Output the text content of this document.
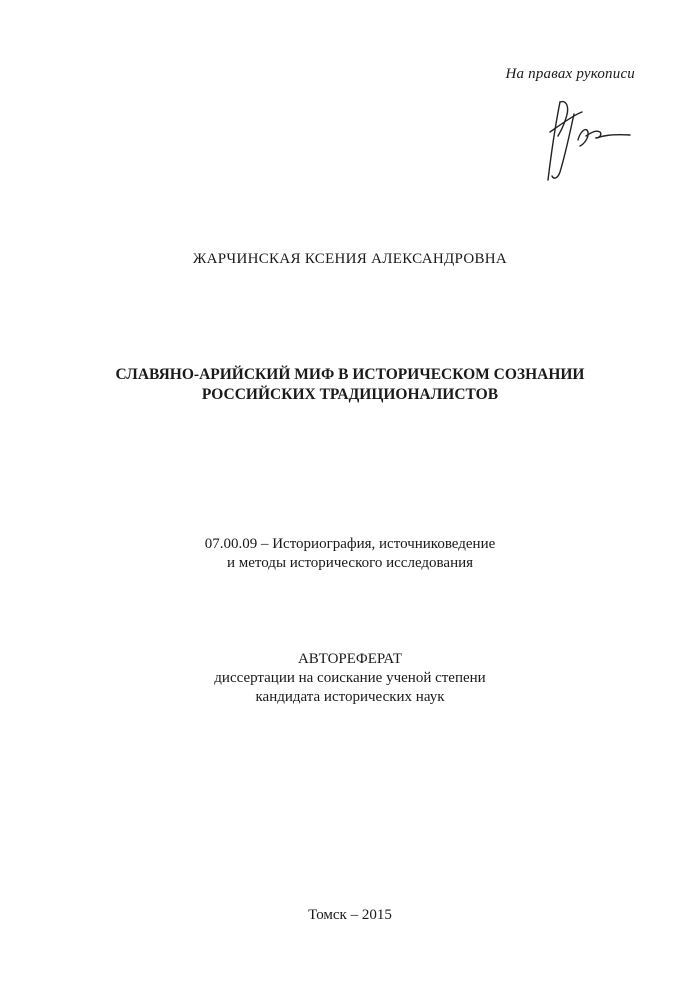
На правах рукописи
ЖАРЧИНСКАЯ КСЕНИЯ АЛЕКСАНДРОВНА
СЛАВЯНО-АРИЙСКИЙ МИФ В ИСТОРИЧЕСКОМ СОЗНАНИИ
РОССИЙСКИХ ТРАДИЦИОНАЛИСТОВ
07.00.09 – Историография, источниковедение
и методы исторического исследования
АВТОРЕФЕРАТ
диссертации на соискание ученой степени
кандидата исторических наук
Томск – 2015
